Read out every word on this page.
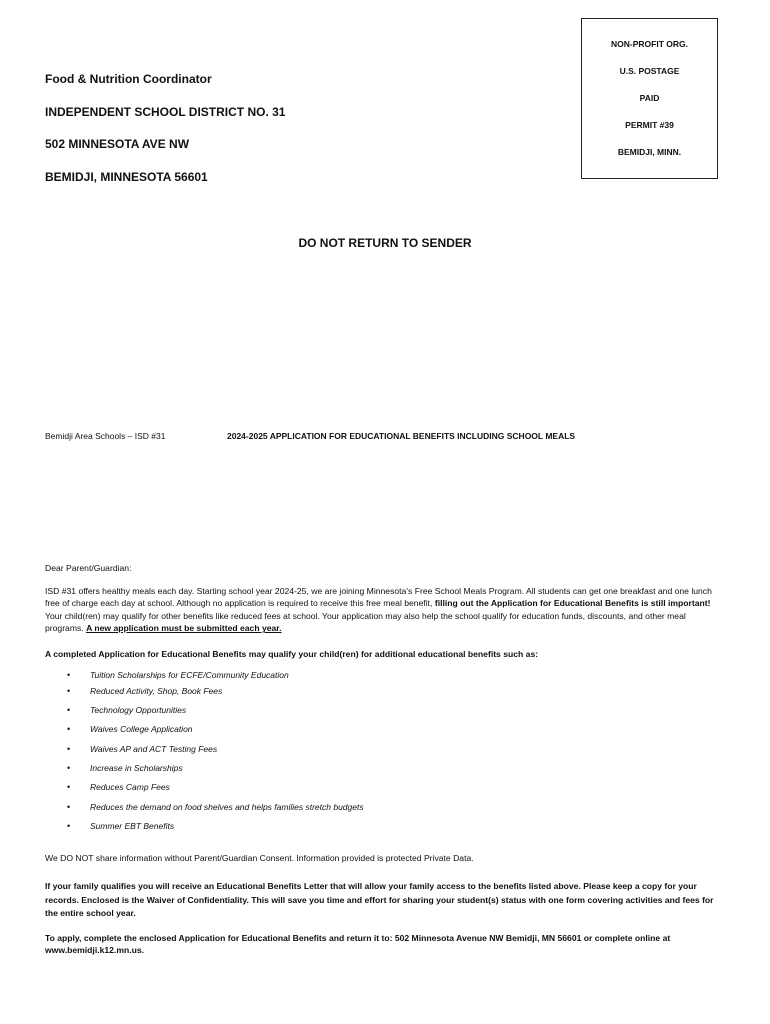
Food & Nutrition Coordinator
INDEPENDENT SCHOOL DISTRICT NO. 31
502 MINNESOTA AVE NW
BEMIDJI, MINNESOTA 56601
NON-PROFIT ORG.
U.S. POSTAGE
PAID
PERMIT #39
BEMIDJI, MINN.
DO NOT RETURN TO SENDER
Bemidji Area Schools – ISD #31	2024-2025 APPLICATION FOR EDUCATIONAL BENEFITS INCLUDING SCHOOL MEALS
Dear Parent/Guardian:
ISD #31 offers healthy meals each day. Starting school year 2024-25, we are joining Minnesota’s Free School Meals Program. All students can get one breakfast and one lunch free of charge each day at school. Although no application is required to receive this free meal benefit, filling out the Application for Educational Benefits is still important! Your child(ren) may qualify for other benefits like reduced fees at school. Your application may also help the school qualify for education funds, discounts, and other meal programs. A new application must be submitted each year.
A completed Application for Educational Benefits may qualify your child(ren) for additional educational benefits such as:
• Tuition Scholarships for ECFE/Community Education
• Reduced Activity, Shop, Book Fees
• Technology Opportunities
• Waives College Application
• Waives AP and ACT Testing Fees
• Increase in Scholarships
• Reduces Camp Fees
• Reduces the demand on food shelves and helps families stretch budgets
• Summer EBT Benefits
We DO NOT share information without Parent/Guardian Consent. Information provided is protected Private Data.
If your family qualifies you will receive an Educational Benefits Letter that will allow your family access to the benefits listed above. Please keep a copy for your records. Enclosed is the Waiver of Confidentiality. This will save you time and effort for sharing your student(s) status with one form covering activities and fees for the entire school year.
To apply, complete the enclosed Application for Educational Benefits and return it to: 502 Minnesota Avenue NW Bemidji, MN 56601 or complete online at www.bemidji.k12.mn.us.
